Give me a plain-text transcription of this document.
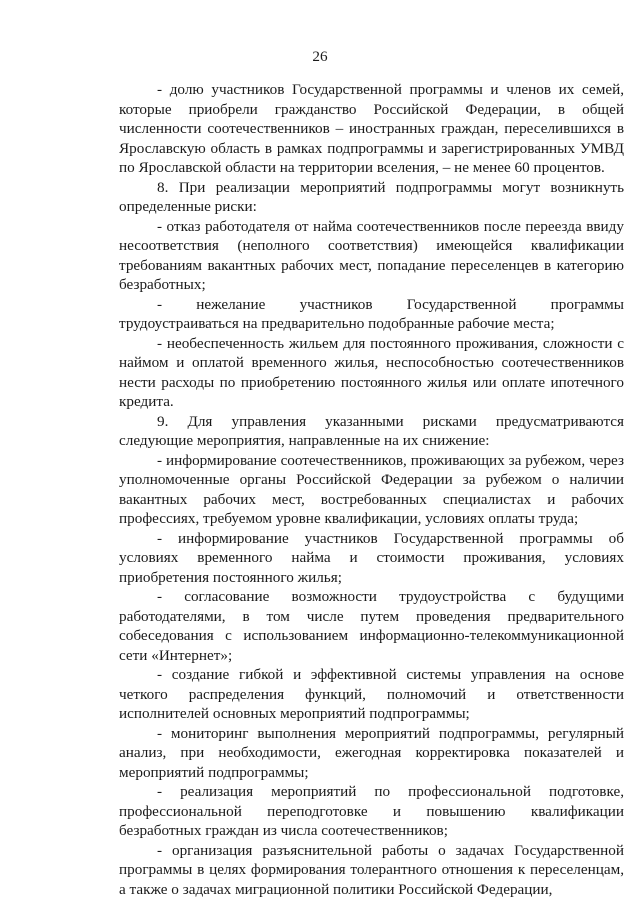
26

- долю участников Государственной программы и членов их семей, которые приобрели гражданство Российской Федерации, в общей численности соотечественников – иностранных граждан, переселившихся в Ярославскую область в рамках подпрограммы и зарегистрированных УМВД по Ярославской области на территории вселения, – не менее 60 процентов.

8. При реализации мероприятий подпрограммы могут возникнуть определенные риски:

- отказ работодателя от найма соотечественников после переезда ввиду несоответствия (неполного соответствия) имеющейся квалификации требованиям вакантных рабочих мест, попадание переселенцев в категорию безработных;

- нежелание участников Государственной программы трудоустраиваться на предварительно подобранные рабочие места;

- необеспеченность жильем для постоянного проживания, сложности с наймом и оплатой временного жилья, неспособностью соотечественников нести расходы по приобретению постоянного жилья или оплате ипотечного кредита.

9. Для управления указанными рисками предусматриваются следующие мероприятия, направленные на их снижение:

- информирование соотечественников, проживающих за рубежом, через уполномоченные органы Российской Федерации за рубежом о наличии вакантных рабочих мест, востребованных специалистах и рабочих профессиях, требуемом уровне квалификации, условиях оплаты труда;

- информирование участников Государственной программы об условиях временного найма и стоимости проживания, условиях приобретения постоянного жилья;

- согласование возможности трудоустройства с будущими работодателями, в том числе путем проведения предварительного собеседования с использованием информационно-телекоммуникационной сети «Интернет»;

- создание гибкой и эффективной системы управления на основе четкого распределения функций, полномочий и ответственности исполнителей основных мероприятий подпрограммы;

- мониторинг выполнения мероприятий подпрограммы, регулярный анализ, при необходимости, ежегодная корректировка показателей и мероприятий подпрограммы;

- реализация мероприятий по профессиональной подготовке, профессиональной переподготовке и повышению квалификации безработных граждан из числа соотечественников;

- организация разъяснительной работы о задачах Государственной программы в целях формирования толерантного отношения к переселенцам, а также о задачах миграционной политики Российской Федерации,
